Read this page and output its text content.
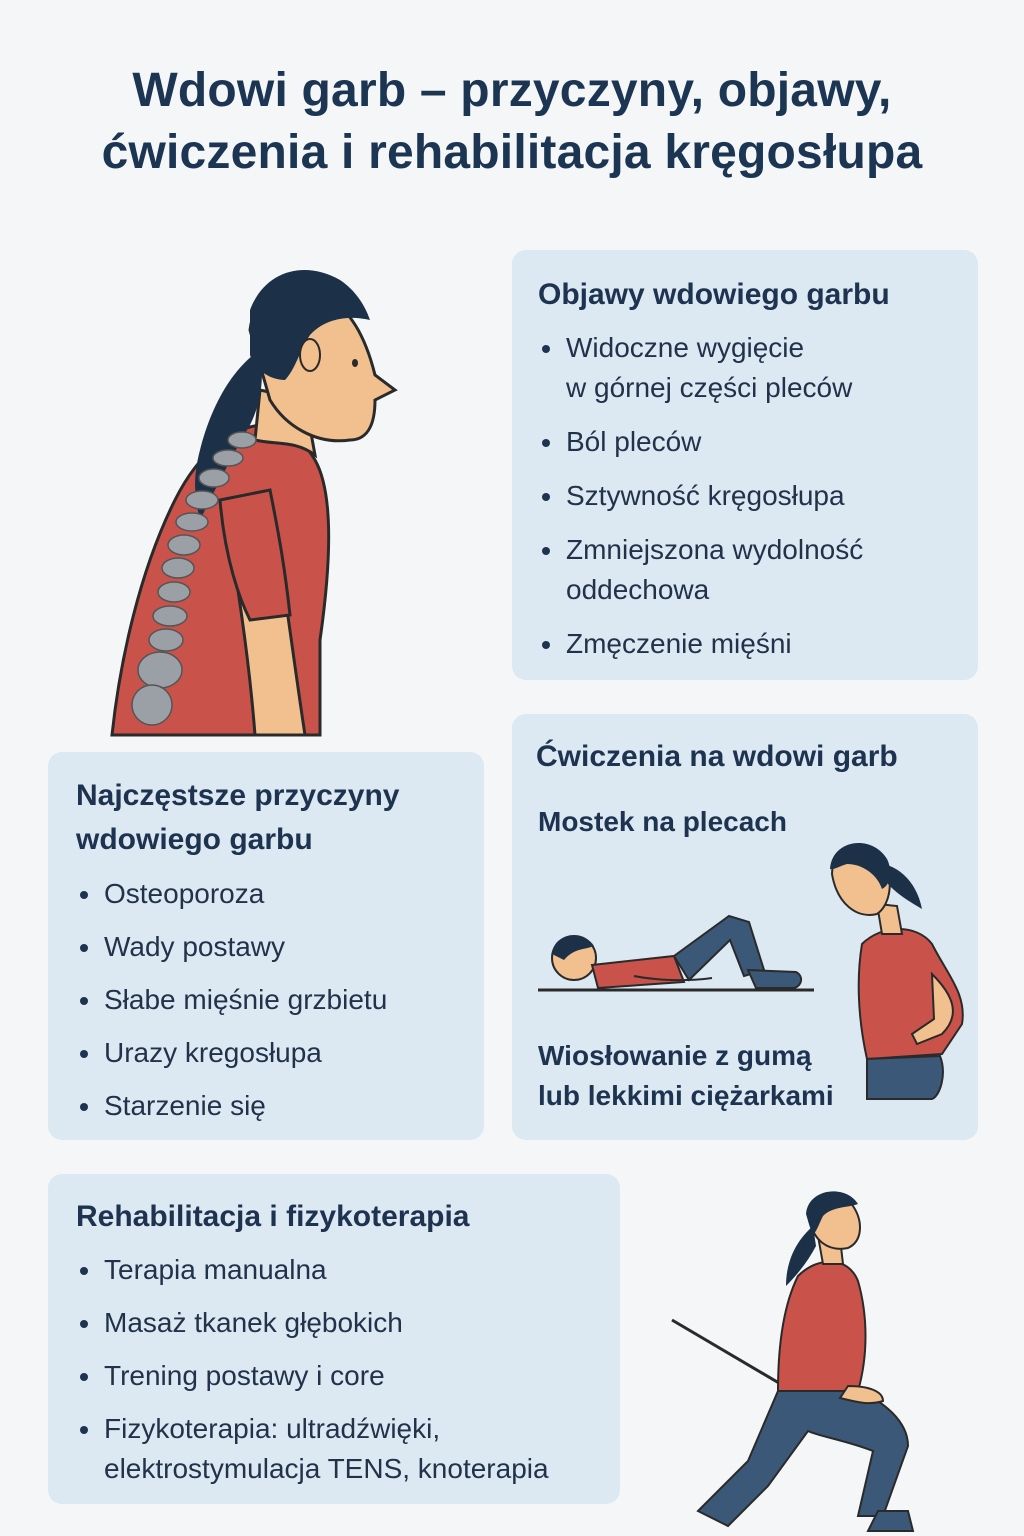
Wdowi garb – przyczyny, objawy,
ćwiczenia i rehabilitacja kręgosłupa
Objawy wdowiego garbu
Widoczne wygięcie
w górnej części pleców
Ból pleców
Sztywność kręgosłupa
Zmniejszona wydolność
oddechowa
Zmęczenie mięśni
Najczęstsze przyczyny
wdowiego garbu
Osteoporoza
Wady postawy
Słabe mięśnie grzbietu
Urazy kregosłupa
Starzenie się
Ćwiczenia na wdowi garb
Mostek na plecach
Wiosłowanie z gumą
lub lekkimi ciężarkami
Rehabilitacja i fizykoterapia
Terapia manualna
Masaż tkanek głębokich
Trening postawy i core
Fizykoterapia: ultradźwięki,
elektrostymulacja TENS, knoterapia
